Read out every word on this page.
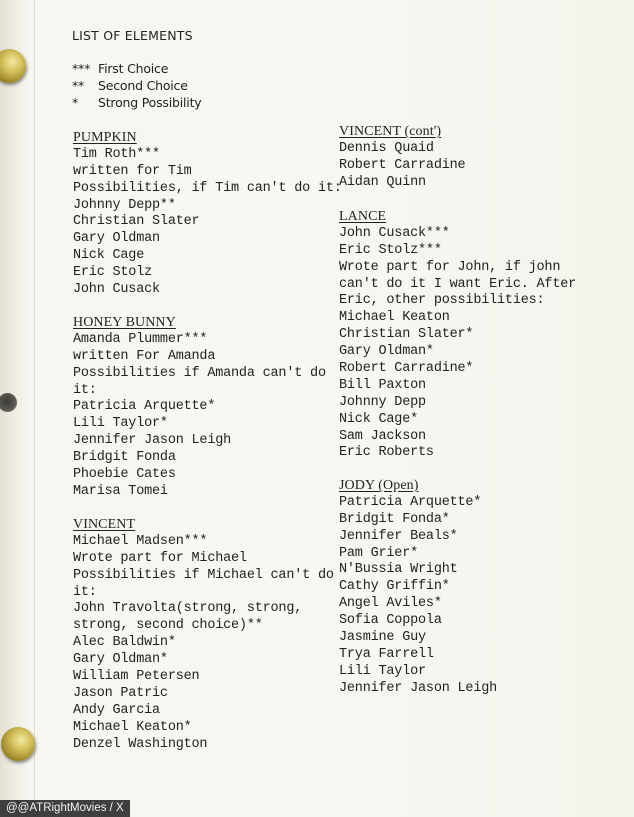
LIST OF ELEMENTS
*** First Choice
** Second Choice
* Strong Possibility
PUMPKIN
Tim Roth***
written for Tim
Possibilities, if Tim can't do it:
Johnny Depp**
Christian Slater
Gary Oldman
Nick Cage
Eric Stolz
John Cusack
HONEY BUNNY
Amanda Plummer***
written For Amanda
Possibilities if Amanda can't do
it:
Patricia Arquette*
Lili Taylor*
Jennifer Jason Leigh
Bridgit Fonda
Phoebie Cates
Marisa Tomei
VINCENT
Michael Madsen***
Wrote part for Michael
Possibilities if Michael can't do
it:
John Travolta(strong, strong,
strong, second choice)**
Alec Baldwin*
Gary Oldman*
William Petersen
Jason Patric
Andy Garcia
Michael Keaton*
Denzel Washington
VINCENT (cont')
Dennis Quaid
Robert Carradine
Aidan Quinn
LANCE
John Cusack***
Eric Stolz***
Wrote part for John, if john
can't do it I want Eric. After
Eric, other possibilities:
Michael Keaton
Christian Slater*
Gary Oldman*
Robert Carradine*
Bill Paxton
Johnny Depp
Nick Cage*
Sam Jackson
Eric Roberts
JODY (Open)
Patricia Arquette*
Bridgit Fonda*
Jennifer Beals*
Pam Grier*
N'Bussia Wright
Cathy Griffin*
Angel Aviles*
Sofia Coppola
Jasmine Guy
Trya Farrell
Lili Taylor
Jennifer Jason Leigh
@@ATRightMovies / X
